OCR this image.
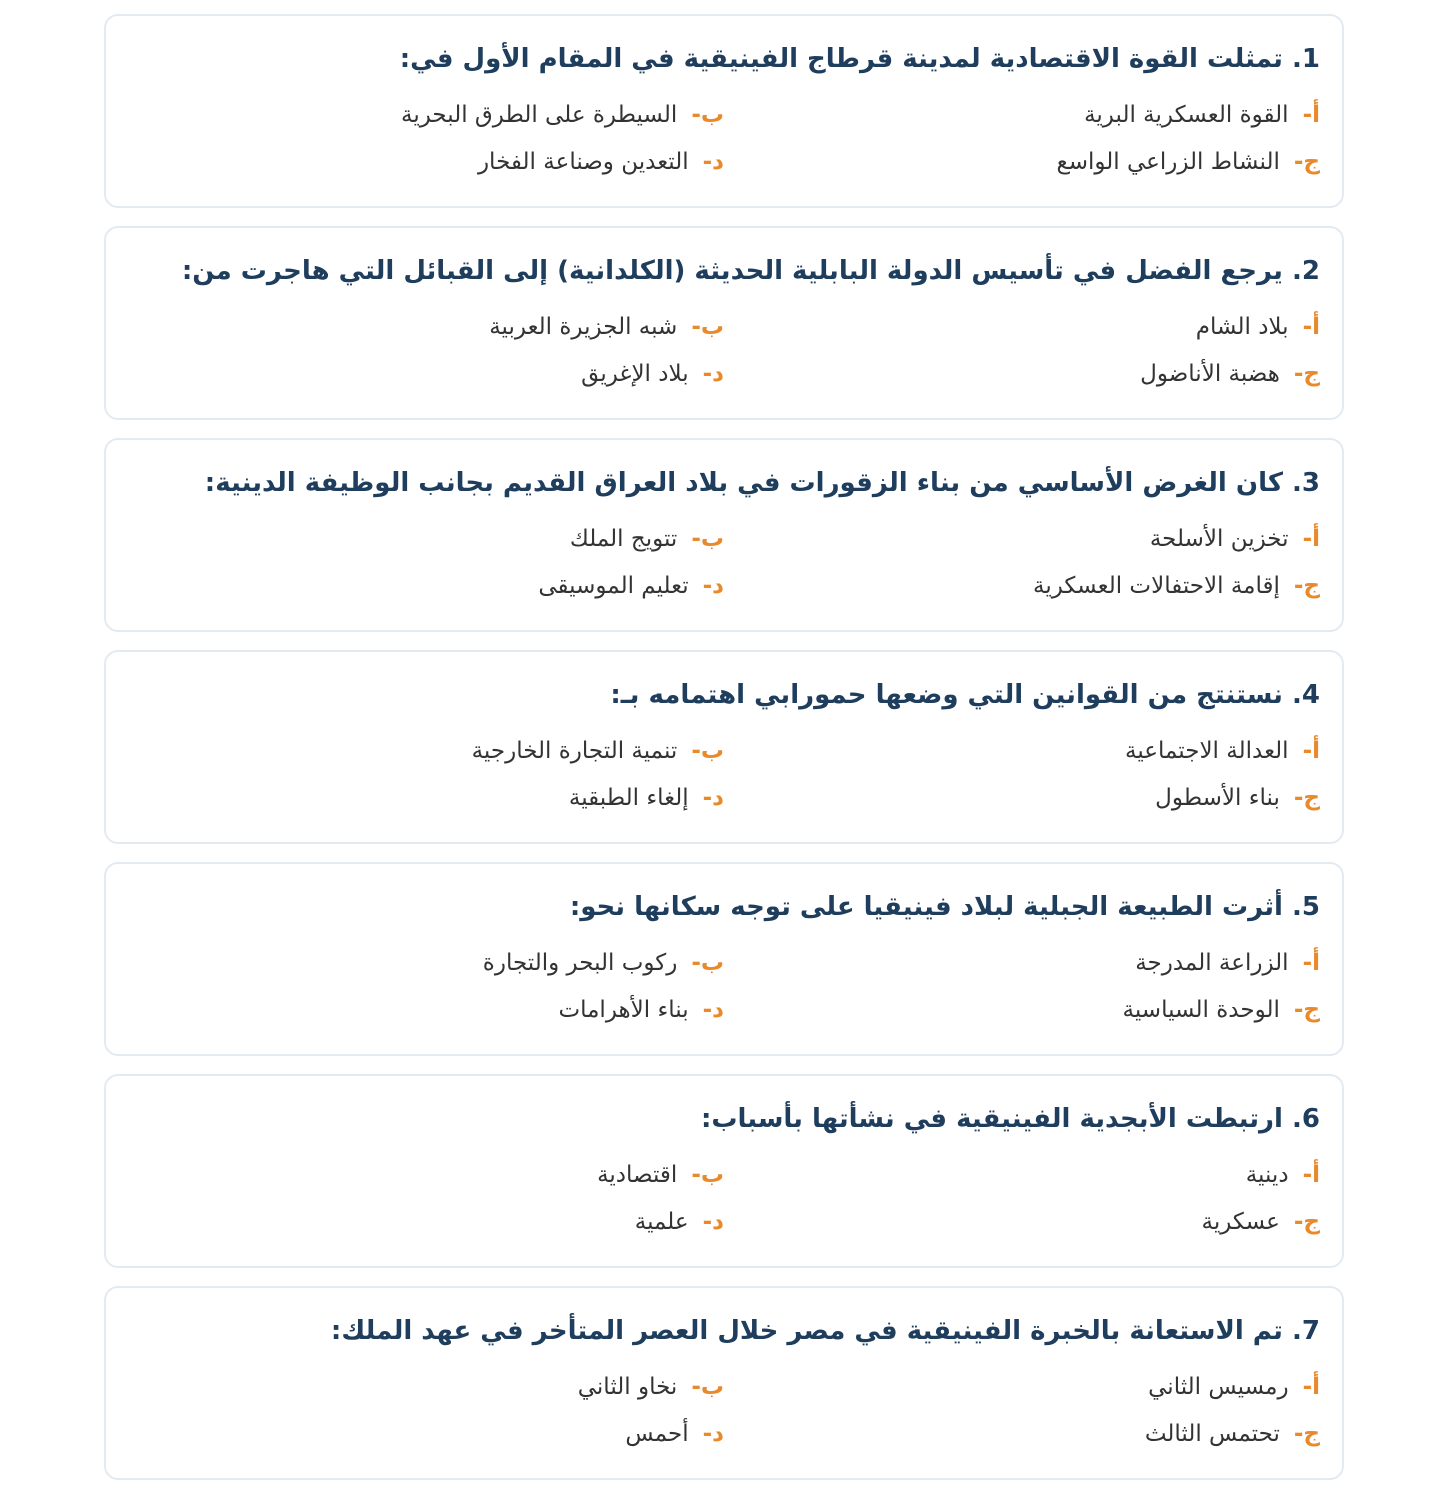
1. تمثلت القوة الاقتصادية لمدينة قرطاج الفينيقية في المقام الأول في:
أ-
القوة العسكرية البرية
ب-
السيطرة على الطرق البحرية
ج-
النشاط الزراعي الواسع
د-
التعدين وصناعة الفخار
2. يرجع الفضل في تأسيس الدولة البابلية الحديثة (الكلدانية) إلى القبائل التي هاجرت من:
أ-
بلاد الشام
ب-
شبه الجزيرة العربية
ج-
هضبة الأناضول
د-
بلاد الإغريق
3. كان الغرض الأساسي من بناء الزقورات في بلاد العراق القديم بجانب الوظيفة الدينية:
أ-
تخزين الأسلحة
ب-
تتويج الملك
ج-
إقامة الاحتفالات العسكرية
د-
تعليم الموسيقى
4. نستنتج من القوانين التي وضعها حمورابي اهتمامه بـ:
أ-
العدالة الاجتماعية
ب-
تنمية التجارة الخارجية
ج-
بناء الأسطول
د-
إلغاء الطبقية
5. أثرت الطبيعة الجبلية لبلاد فينيقيا على توجه سكانها نحو:
أ-
الزراعة المدرجة
ب-
ركوب البحر والتجارة
ج-
الوحدة السياسية
د-
بناء الأهرامات
6. ارتبطت الأبجدية الفينيقية في نشأتها بأسباب:
أ-
دينية
ب-
اقتصادية
ج-
عسكرية
د-
علمية
7. تم الاستعانة بالخبرة الفينيقية في مصر خلال العصر المتأخر في عهد الملك:
أ-
رمسيس الثاني
ب-
نخاو الثاني
ج-
تحتمس الثالث
د-
أحمس
